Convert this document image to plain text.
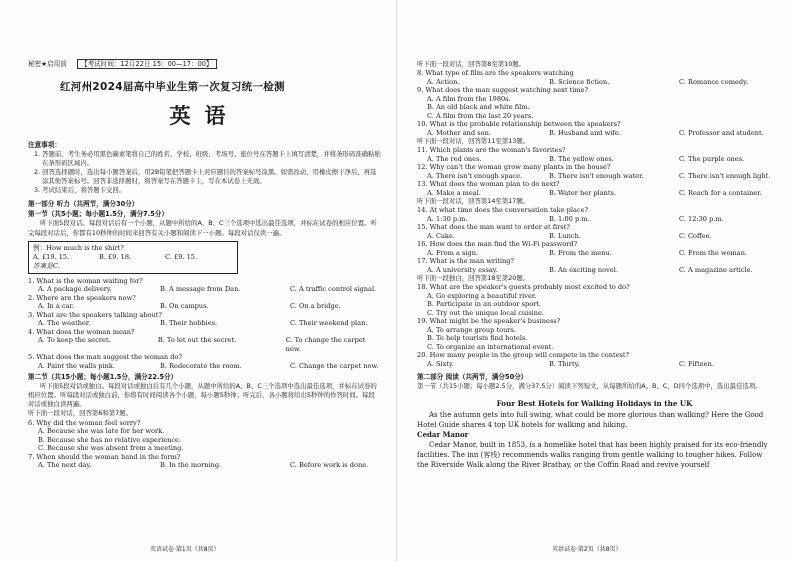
秘密★启用前 【考试时间：12月22日 15：00—17：00】
红河州2024届高中毕业生第一次复习统一检测
英语
注意事项：
1. 答题前，考生务必用黑色碳素笔将自己的姓名、学校、班级、考场号、座位号在答题卡上填写清楚，并将条形码准确粘贴在条形码区域内。
2. 回答选择题时，选出每小题答案后，用2B铅笔把答题卡上对应题目的答案标号涂黑。如需改动，用橡皮擦干净后，再选涂其他答案标号。回答非选择题时，将答案写在答题卡上，写在本试卷上无效。
3. 考试结束后，将答题卡交回。
第一部分 听力（共两节，满分30分）
第一节（共5小题；每小题1.5分，满分7.5分）
听下面5段对话。每段对话后有一个小题，从题中所给的A、B、C三个选项中选出最佳选项，并标在试卷的相应位置。听完每段对话后，你都有10秒钟的时间来回答有关小题和阅读下一小题。每段对话仅读一遍。
例：How much is the shirt?
A. £19. 15.	B. £9. 18.	C. £9. 15.
答案是C。
1. What is the woman waiting for?
A. A package delivery.	B. A message from Dan.	C. A traffic control signal.
2. Where are the speakers now?
A. In a car.	B. On campus.	C. On a bridge.
3. What are the speakers talking about?
A. The weather.	B. Their hobbies.	C. Their weekend plan.
4. What does the woman mean?
A. To keep the secret.	B. To let out the secret.	C. To change the carpet now.
5. What does the man suggest the woman do?
A. Paint the walls pink.	B. Redecorate the room.	C. Change the carpet now.
第二节（共15小题；每小题1.5分，满分22.5分）
听下面5段对话或独白。每段对话或独白后有几个小题，从题中所给的A、B、C三个选项中选出最佳选项，并标在试卷的相应位置。听每段对话或独白前，你将有时间阅读各个小题，每小题5秒钟；听完后，各小题将给出5秒钟的作答时间。每段对话或独白读两遍。
听下面一段对话，回答第6和第7题。
6. Why did the woman feel sorry?
A. Because she was late for her work.
B. Because she has no relative experience.
C. Because she was absent from a meeting.
7. When should the woman hand in the form?
A. The next day.	B. In the morning.	C. Before work is done.
听下面一段对话，回答第8至第10题。
8. What type of film are the speakers watching
A. Action.	B. Science fiction.	C. Romance comedy.
9. What does the man suggest watching next time?
A. A film from the 1980s.
B. An old black and white film.
C. A film from the last 20 years.
10. What is the probable relationship between the speakers?
A. Mother and son.	B. Husband and wife.	C. Professor and student.
听下面一段对话，回答第11至第13题。
11. Which plants are the woman's favorites?
A. The red ones.	B. The yellow ones.	C. The purple ones.
12. Why can't the woman grow many plants in the house?
A. There isn't enough space.	B. There isn't enough water.	C. There isn't enough light.
13. What does the woman plan to do next?
A. Make a meal.	B. Water her plants.	C. Reach for a container.
听下面一段对话，回答第14至第17题。
14. At what time does the conversation take place?
A. 1:30 p.m.	B. 1:00 p.m.	C. 12:30 p.m.
15. What does the man want to order at first?
A. Cake.	B. Lunch.	C. Coffee.
16. How does the man find the Wi-Fi password?
A. From a sign.	B. From the menu.	C. From the woman.
17. What is the man writing?
A. A university essay.	B. An exciting novel.	C. A magazine article.
听下面一段独白，回答第18至第20题。
18. What are the speaker's guests probably most excited to do?
A. Go exploring a beautiful river.
B. Participate in an outdoor sport.
C. Try out the unique local cuisine.
19. What might be the speaker's business?
A. To arrange group tours.
B. To help tourists find hotels.
C. To organize an international event.
20. How many people in the group will compete in the contest?
A. Sixty.	B. Thirty.	C. Fifteen.
第二部分 阅读（共两节，满分50分）
第一节（共15小题；每小题2.5分，满分37.5分）阅读下列短文，从每题所给的A、B、C、D四个选项中，选出最佳选项。
Four Best Hotels for Walking Holidays in the UK
As the autumn gets into full swing, what could be more glorious than walking? Here the Good Hotel Guide shares 4 top UK hotels for walking and hiking.
Cedar Manor
Cedar Manor, built in 1853, is a homelike hotel that has been highly praised for its eco-friendly facilities. The inn (客栈) recommends walks ranging from gentle walking to tougher hikes. Follow the Riverside Walk along the River Brathay, or the Coffin Road and revive yourself
英语试卷·第1页（共8页）	英语试卷·第2页（共8页）
